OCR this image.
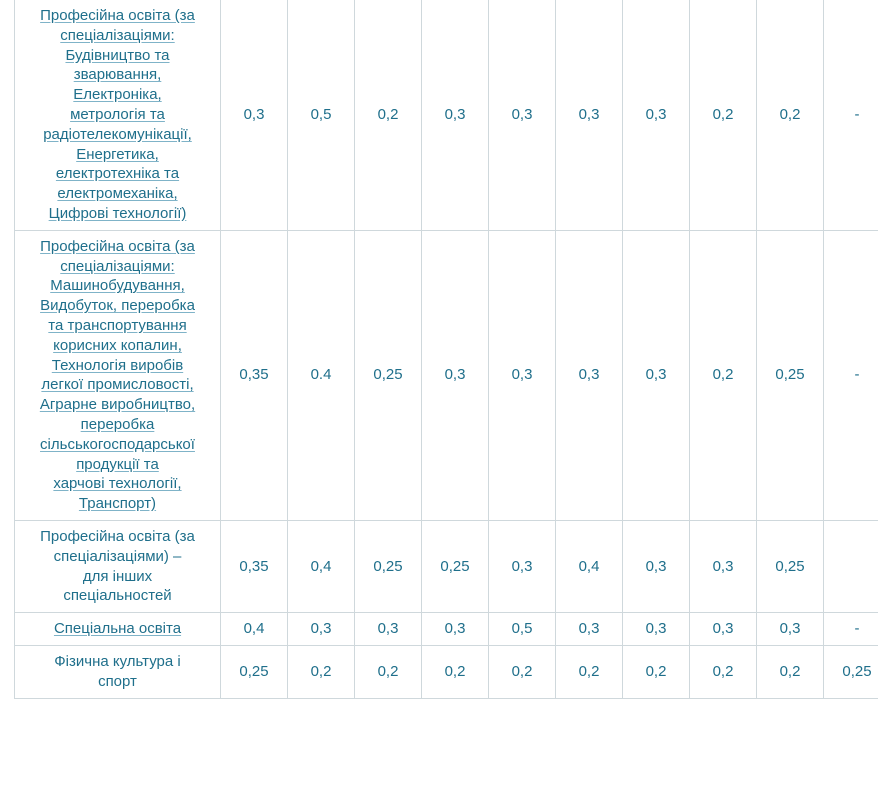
Професійна освіта (за
спеціалізаціями:
Будівництво та
зварювання,
Електроніка,
метрологія та
радіотелекомунікації,
Енергетика,
електротехніка та
електромеханіка,
Цифрові технології)	0,3	0,5	0,2	0,3	0,3	0,3	0,3	0,2	0,2	-
Професійна освіта (за
спеціалізаціями:
Машинобудування,
Видобуток, переробка
та транспортування
корисних копалин,
Технологія виробів
легкої промисловості,
Аграрне виробництво,
переробка
сільськогосподарської
продукції та
харчові технології,
Транспорт)	0,35	0.4	0,25	0,3	0,3	0,3	0,3	0,2	0,25	-
Професійна освіта (за
спеціалізаціями) –
для інших
спеціальностей	0,35	0,4	0,25	0,25	0,3	0,4	0,3	0,3	0,25	
Спеціальна освіта	0,4	0,3	0,3	0,3	0,5	0,3	0,3	0,3	0,3	-
Фізична культура і
спорт	0,25	0,2	0,2	0,2	0,2	0,2	0,2	0,2	0,2	0,25
